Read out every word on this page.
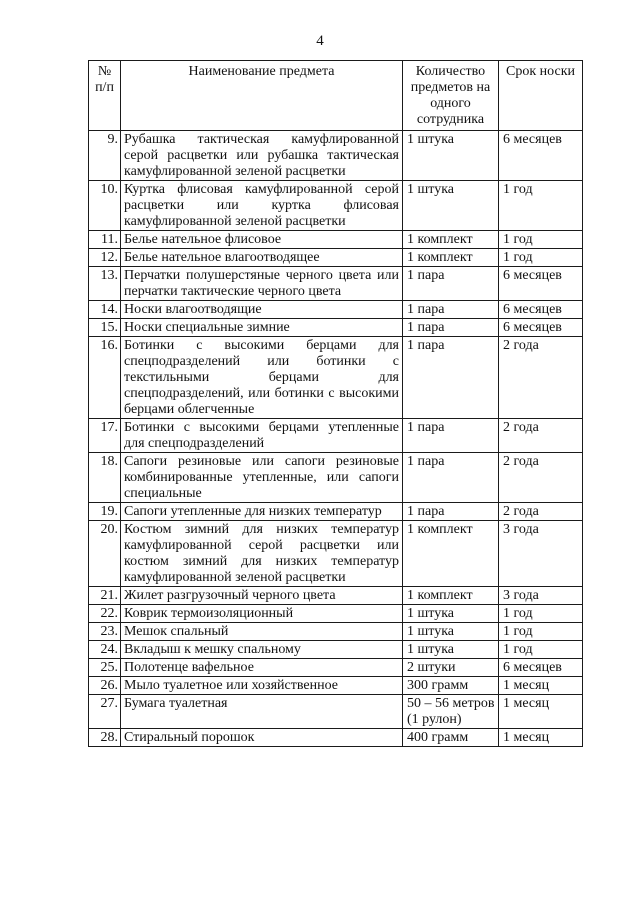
4
№ п/п	Наименование предмета	Количество предметов на одного сотрудника	Срок носки
9.	Рубашка тактическая камуфлированной серой расцветки или рубашка тактическая камуфлированной зеленой расцветки	1 штука	6 месяцев
10.	Куртка флисовая камуфлированной серой расцветки или куртка флисовая камуфлированной зеленой расцветки	1 штука	1 год
11.	Белье нательное флисовое	1 комплект	1 год
12.	Белье нательное влагоотводящее	1 комплект	1 год
13.	Перчатки полушерстяные черного цвета или перчатки тактические черного цвета	1 пара	6 месяцев
14.	Носки влагоотводящие	1 пара	6 месяцев
15.	Носки специальные зимние	1 пара	6 месяцев
16.	Ботинки с высокими берцами для спецподразделений или ботинки с текстильными берцами для спецподразделений, или ботинки с высокими берцами облегченные	1 пара	2 года
17.	Ботинки с высокими берцами утепленные для спецподразделений	1 пара	2 года
18.	Сапоги резиновые или сапоги резиновые комбинированные утепленные, или сапоги специальные	1 пара	2 года
19.	Сапоги утепленные для низких температур	1 пара	2 года
20.	Костюм зимний для низких температур камуфлированной серой расцветки или костюм зимний для низких температур камуфлированной зеленой расцветки	1 комплект	3 года
21.	Жилет разгрузочный черного цвета	1 комплект	3 года
22.	Коврик термоизоляционный	1 штука	1 год
23.	Мешок спальный	1 штука	1 год
24.	Вкладыш к мешку спальному	1 штука	1 год
25.	Полотенце вафельное	2 штуки	6 месяцев
26.	Мыло туалетное или хозяйственное	300 грамм	1 месяц
27.	Бумага туалетная	50 – 56 метров (1 рулон)	1 месяц
28.	Стиральный порошок	400 грамм	1 месяц
